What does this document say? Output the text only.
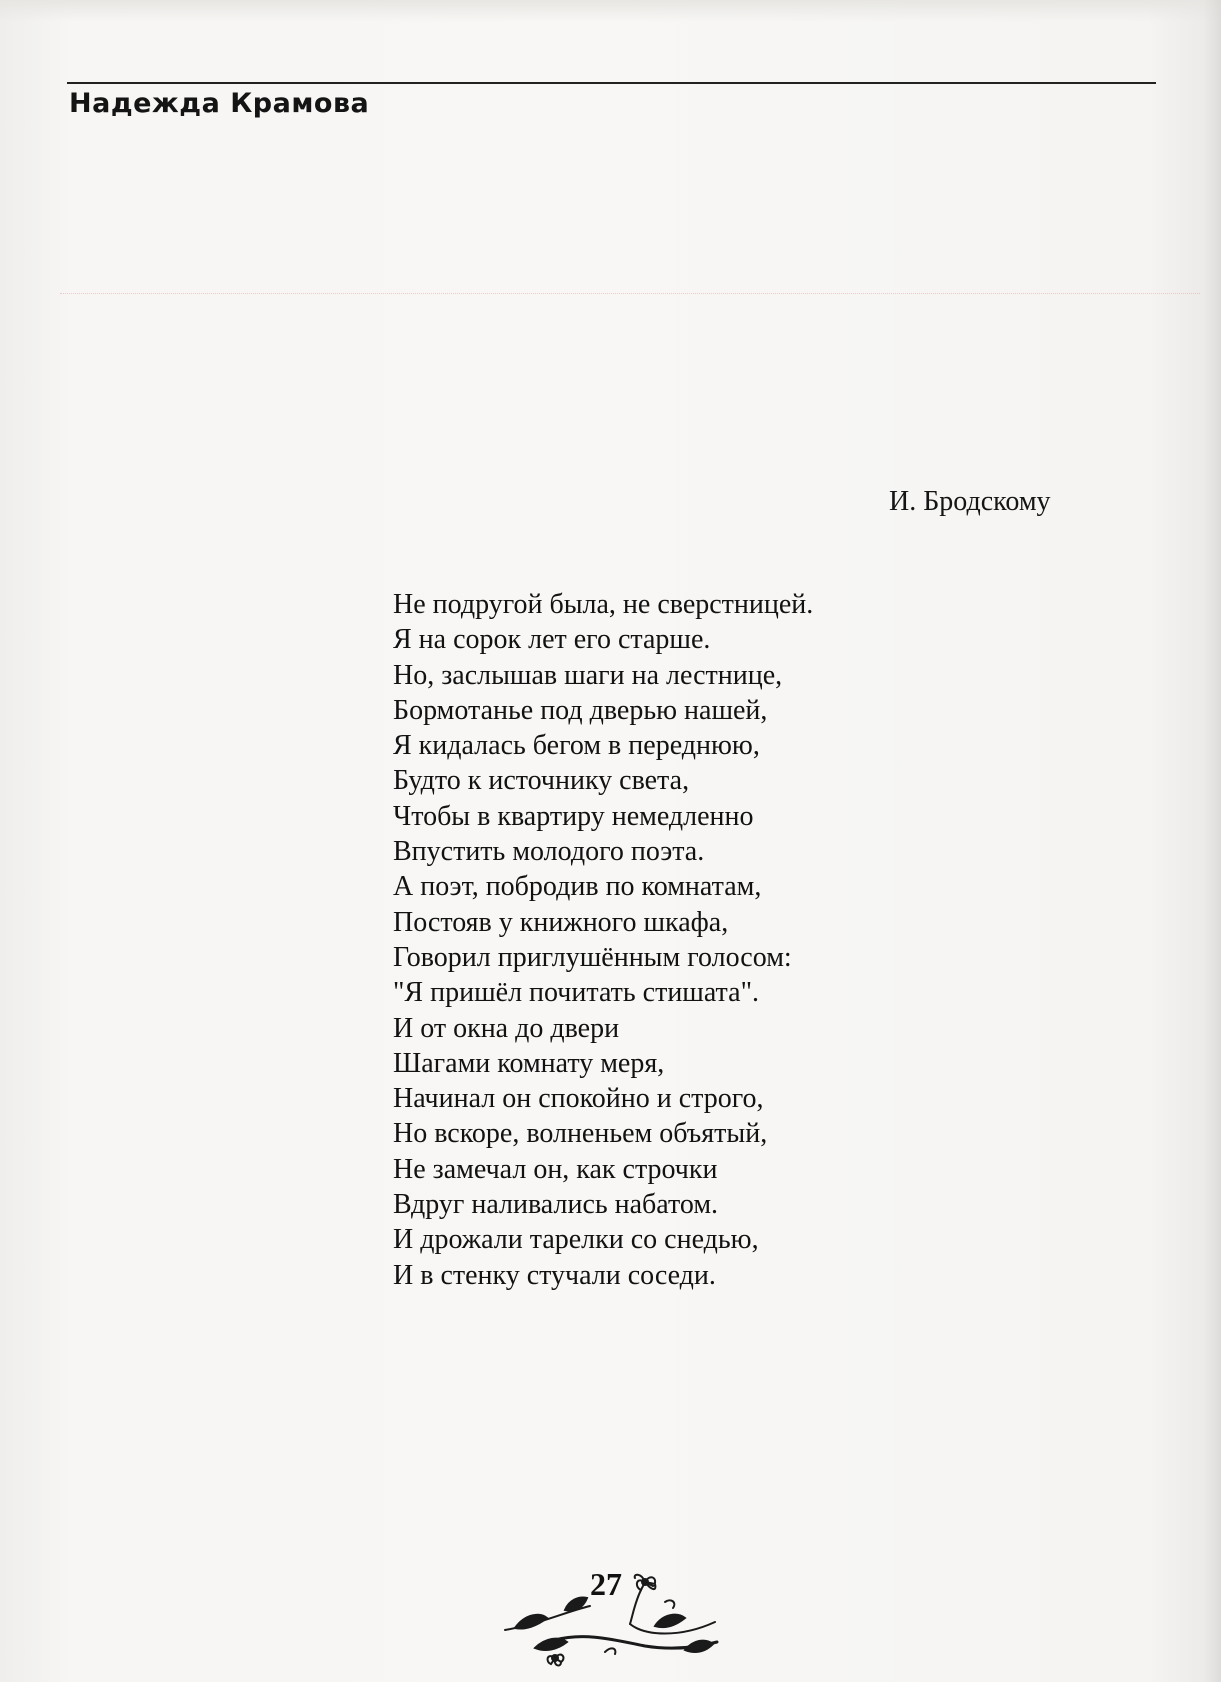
Надежда Крамова
И. Бродскому
Не подругой была, не сверстницей.
Я на сорок лет его старше.
Но, заслышав шаги на лестнице,
Бормотанье под дверью нашей,
Я кидалась бегом в переднюю,
Будто к источнику света,
Чтобы в квартиру немедленно
Впустить молодого поэта.
А поэт, побродив по комнатам,
Постояв у книжного шкафа,
Говорил приглушённым голосом:
"Я пришёл почитать стишата".
И от окна до двери
Шагами комнату меря,
Начинал он спокойно и строго,
Но вскоре, волненьем объятый,
Не замечал он, как строчки
Вдруг наливались набатом.
И дрожали тарелки со снедью,
И в стенку стучали соседи.
27
